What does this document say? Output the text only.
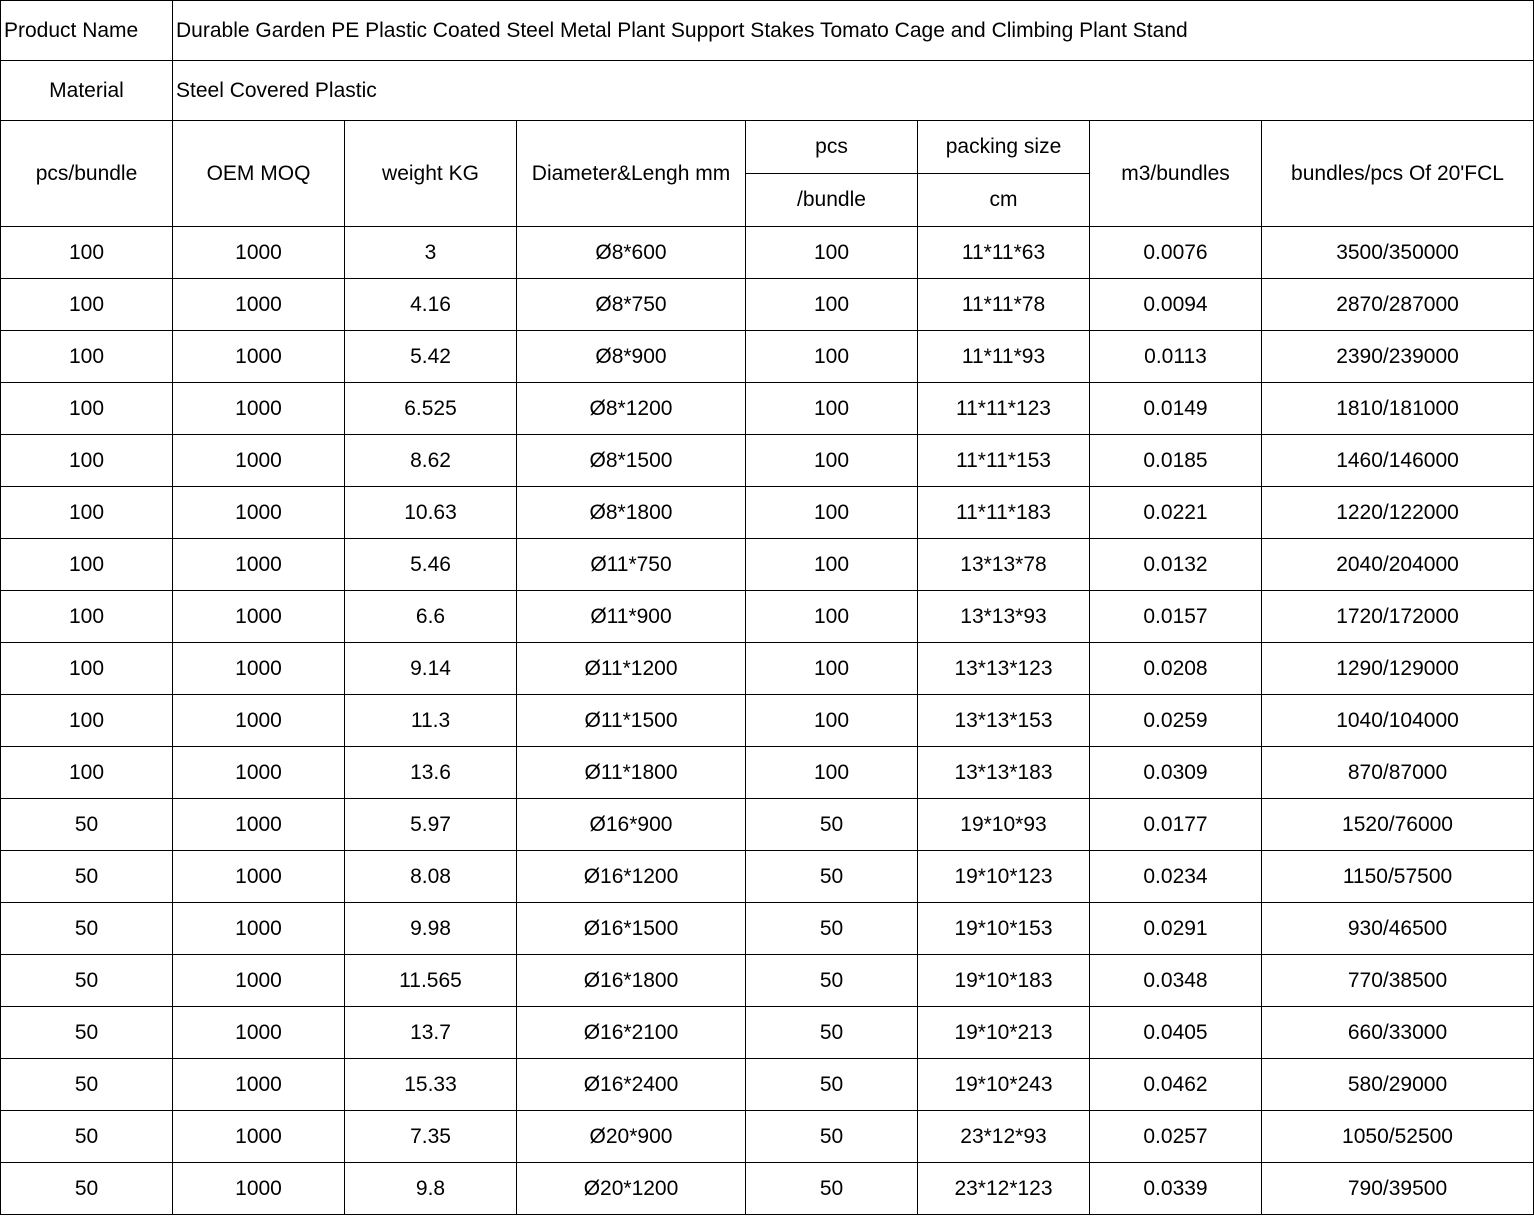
Product Name	Durable Garden PE Plastic Coated Steel Metal Plant Support Stakes Tomato Cage and Climbing Plant Stand						
Material	Steel Covered Plastic						
pcs/bundle	OEM MOQ	weight KG	Diameter&Lengh mm	pcs	packing size	m3/bundles	bundles/pcs Of 20'FCL
				/bundle	cm		
100	1000	3	Ø8*600	100	11*11*63	0.0076	3500/350000
100	1000	4.16	Ø8*750	100	11*11*78	0.0094	2870/287000
100	1000	5.42	Ø8*900	100	11*11*93	0.0113	2390/239000
100	1000	6.525	Ø8*1200	100	11*11*123	0.0149	1810/181000
100	1000	8.62	Ø8*1500	100	11*11*153	0.0185	1460/146000
100	1000	10.63	Ø8*1800	100	11*11*183	0.0221	1220/122000
100	1000	5.46	Ø11*750	100	13*13*78	0.0132	2040/204000
100	1000	6.6	Ø11*900	100	13*13*93	0.0157	1720/172000
100	1000	9.14	Ø11*1200	100	13*13*123	0.0208	1290/129000
100	1000	11.3	Ø11*1500	100	13*13*153	0.0259	1040/104000
100	1000	13.6	Ø11*1800	100	13*13*183	0.0309	870/87000
50	1000	5.97	Ø16*900	50	19*10*93	0.0177	1520/76000
50	1000	8.08	Ø16*1200	50	19*10*123	0.0234	1150/57500
50	1000	9.98	Ø16*1500	50	19*10*153	0.0291	930/46500
50	1000	11.565	Ø16*1800	50	19*10*183	0.0348	770/38500
50	1000	13.7	Ø16*2100	50	19*10*213	0.0405	660/33000
50	1000	15.33	Ø16*2400	50	19*10*243	0.0462	580/29000
50	1000	7.35	Ø20*900	50	23*12*93	0.0257	1050/52500
50	1000	9.8	Ø20*1200	50	23*12*123	0.0339	790/39500
